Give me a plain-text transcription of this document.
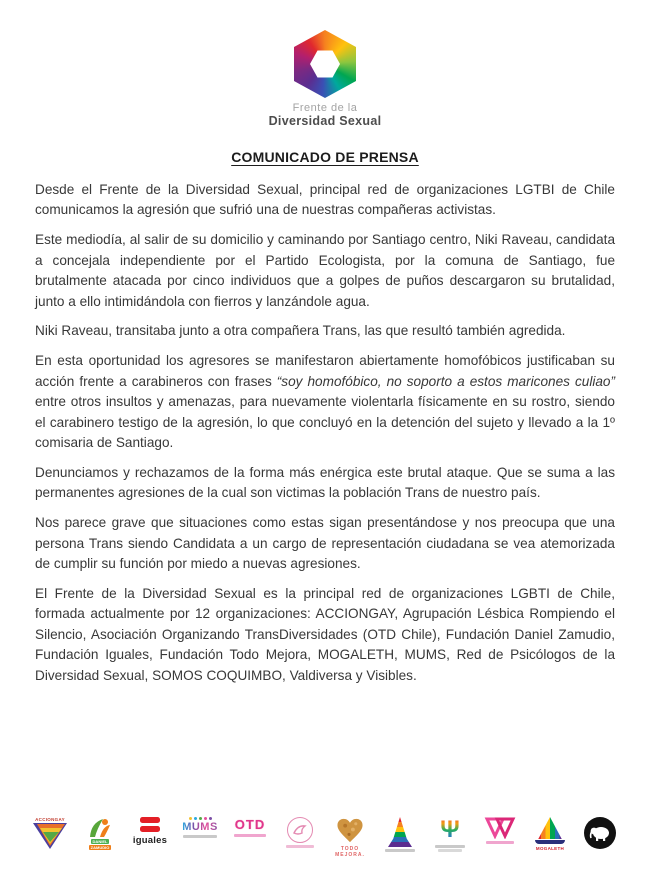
Frente de la
Diversidad Sexual
COMUNICADO DE PRENSA

Desde el Frente de la Diversidad Sexual, principal red de organizaciones LGTBI de Chile comunicamos la agresión que sufrió una de nuestras compañeras activistas.

Este mediodía, al salir de su domicilio y caminando por Santiago centro, Niki Raveau, candidata a concejala independiente por el Partido Ecologista, por la comuna de Santiago, fue brutalmente atacada por cinco individuos que a golpes de puños descargaron su brutalidad, junto a ello intimidándola con fierros y lanzándole agua.

Niki Raveau, transitaba junto a otra compañera Trans, las que resultó también agredida.

En esta oportunidad los agresores se manifestaron abiertamente homofóbicos justificaban su acción frente a carabineros con frases “soy homofóbico, no soporto a estos maricones culiao” entre otros insultos y amenazas, para nuevamente violentarla físicamente en su rostro, siendo el carabinero testigo de la agresión, lo que concluyó en la detención del sujeto y llevado a la 1º comisaria de Santiago.

Denunciamos y rechazamos de la forma más enérgica este brutal ataque. Que se suma a las permanentes agresiones de la cual son victimas la población Trans de nuestro país.

Nos parece grave que situaciones como estas sigan presentándose y nos preocupa que una persona Trans siendo Candidata a un cargo de representación ciudadana se vea atemorizada de cumplir su función por miedo a nuevas agresiones.

El Frente de la Diversidad Sexual es la principal red de organizaciones LGBTI de Chile, formada actualmente por 12 organizaciones: ACCIONGAY, Agrupación Lésbica Rompiendo el Silencio, Asociación Organizando TransDiversidades (OTD Chile), Fundación Daniel Zamudio, Fundación Iguales, Fundación Todo Mejora, MOGALETH, MUMS, Red de Psicólogos de la Diversidad Sexual, SOMOS COQUIMBO, Valdiversa y Visibles.

ACCIONGAY
DANIEL
ZAMUDIO
iguales
MUMS OTD
TODO
MEJORA.
Ψ
MOGALETH
